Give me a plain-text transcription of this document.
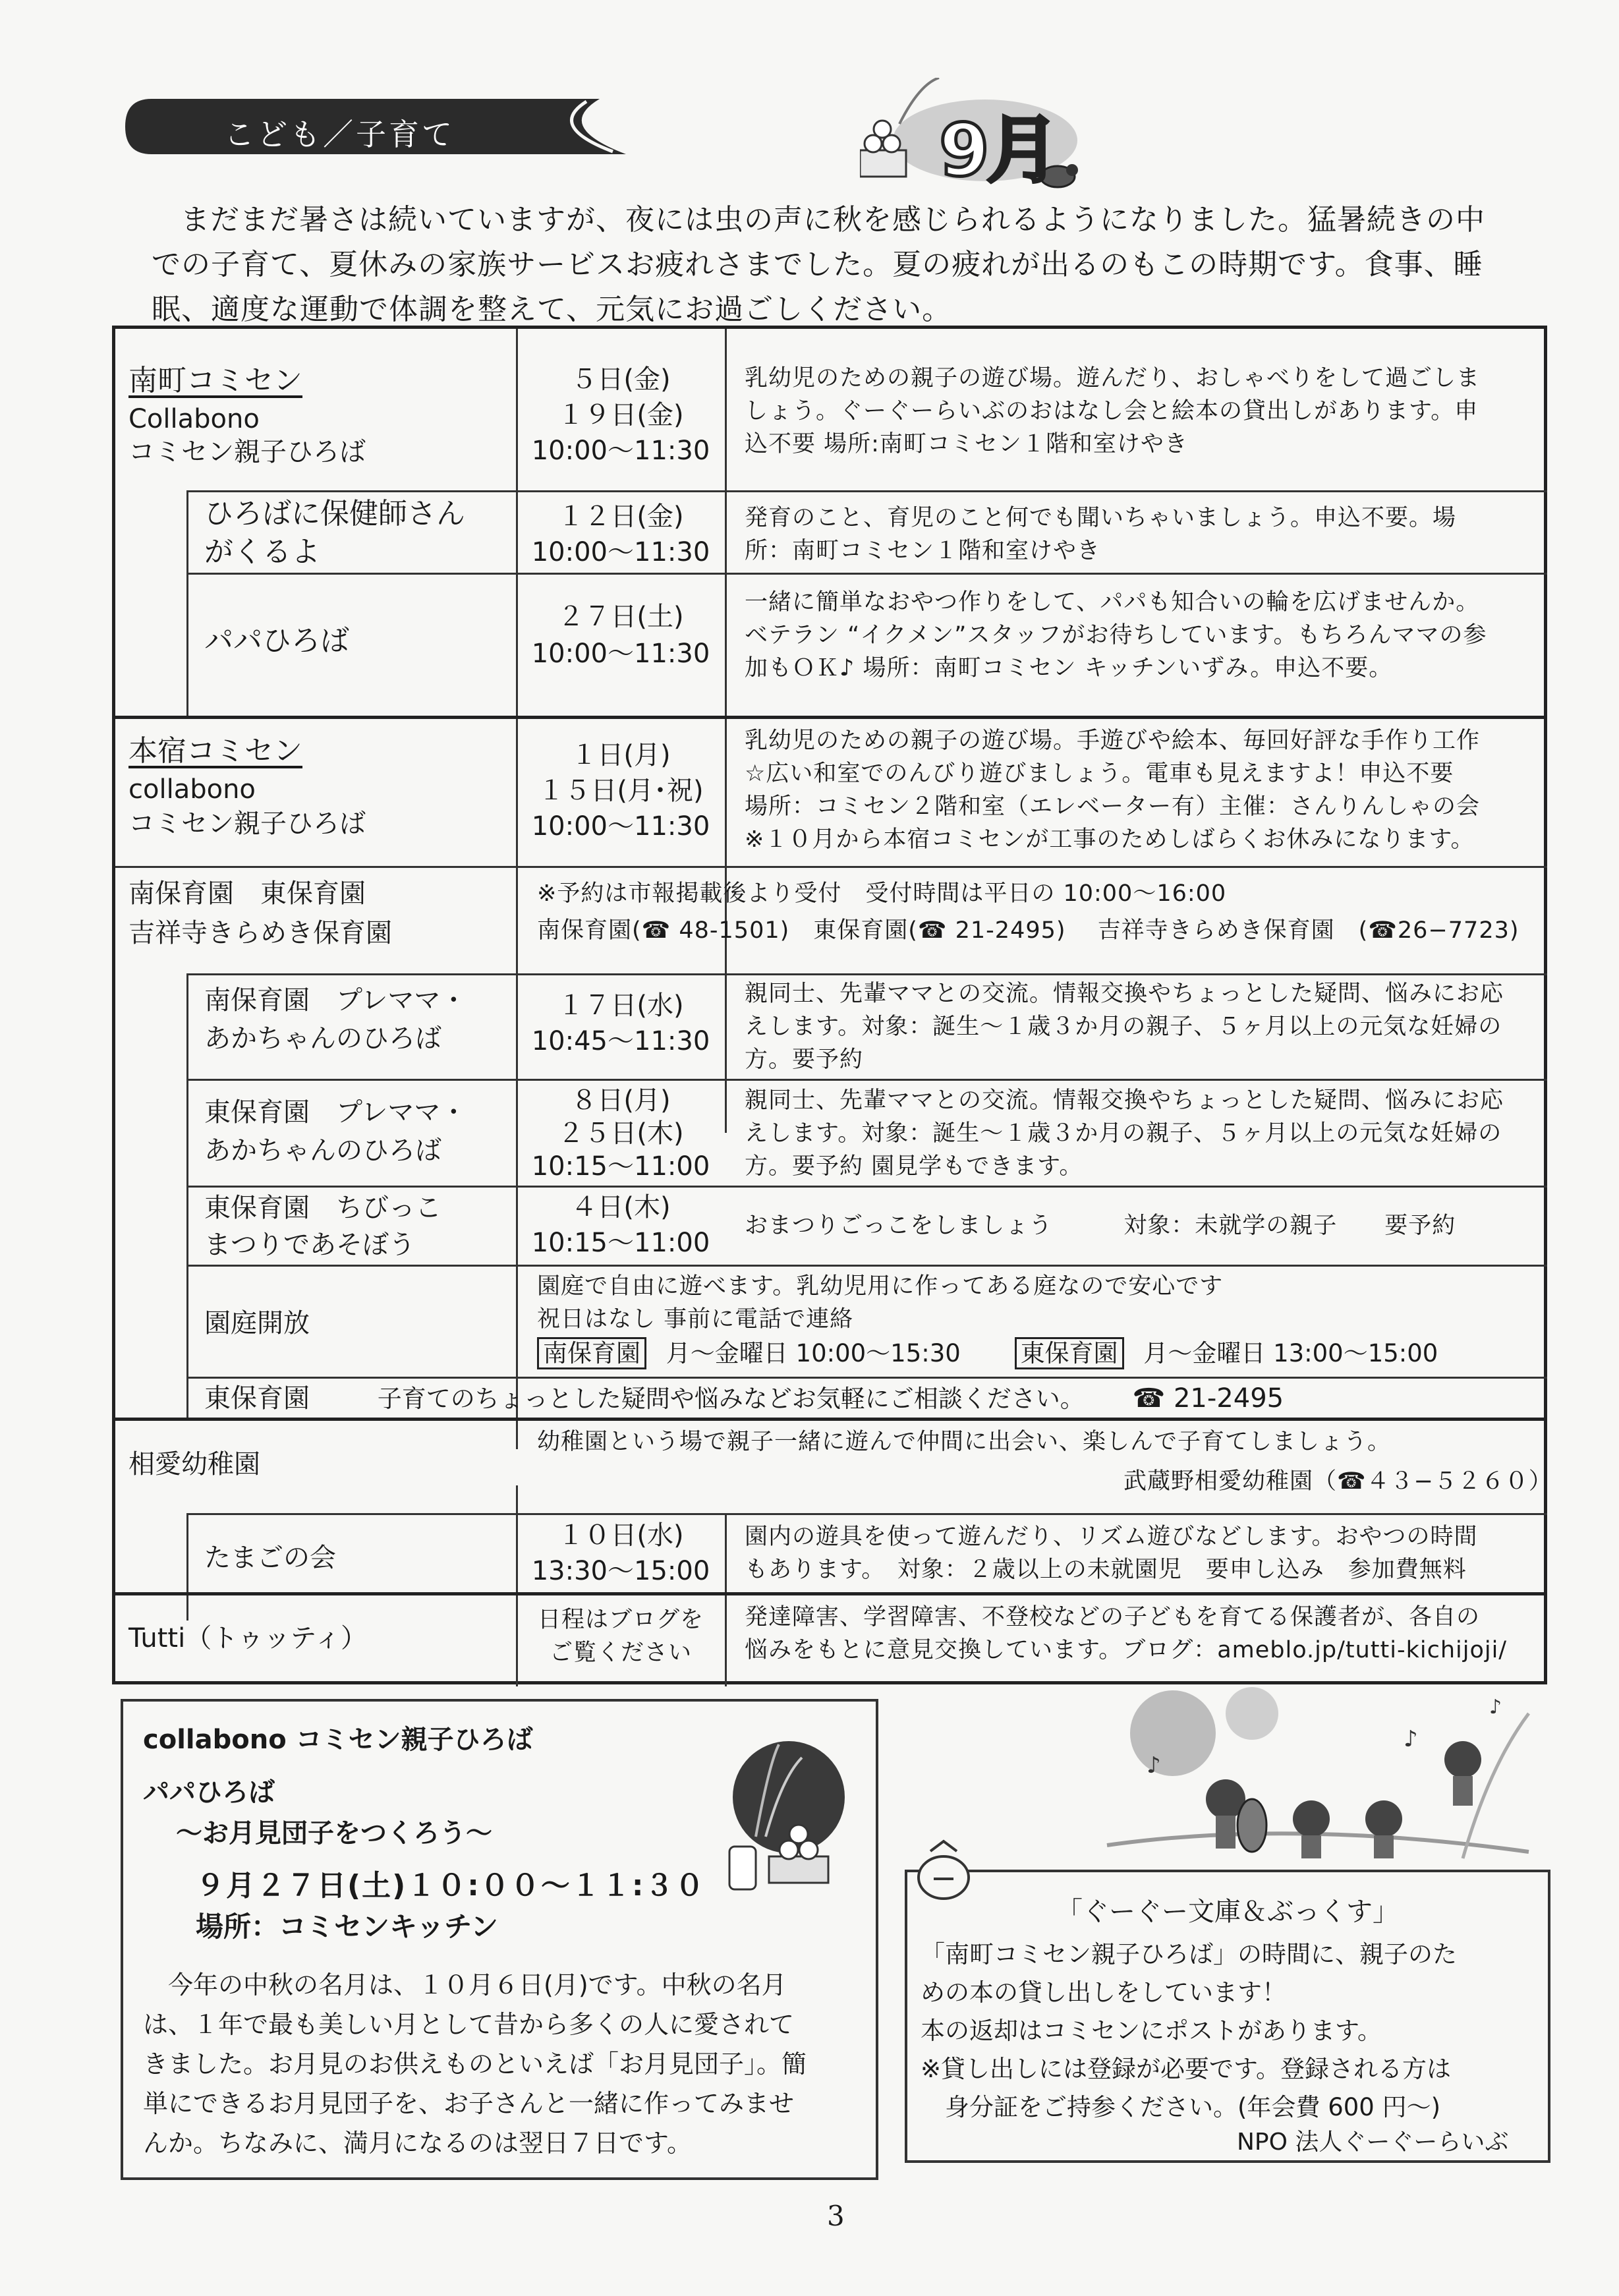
こども／子育て	9月

まだまだ暑さは続いていますが、夜には虫の声に秋を感じられるようになりました。猛暑続きの中

での子育て、夏休みの家族サービスお疲れさまでした。夏の疲れが出るのもこの時期です。食事、睡

眠、適度な運動で体調を整えて、元気にお過ごしください。

南町コミセン
Collabono
コミセン親子ひろば
５日(金)
１９日(金)
10:00～11:30
乳幼児のための親子の遊び場。遊んだり、おしゃべりをして過ごしま
しょう。ぐーぐーらいぶのおはなし会と絵本の貸出しがあります。申
込不要 場所:南町コミセン１階和室けやき
ひろばに保健師さん
がくるよ
１２日(金)
10:00～11:30
発育のこと、育児のこと何でも聞いちゃいましょう。申込不要。場
所：南町コミセン１階和室けやき
パパひろば
２７日(土)
10:00～11:30
一緒に簡単なおやつ作りをして、パパも知合いの輪を広げませんか。
ベテラン “イクメン”スタッフがお待ちしています。もちろんママの参
加もＯＫ♪ 場所：南町コミセン キッチンいずみ。申込不要。
本宿コミセン
collabono
コミセン親子ひろば
１日(月)
１５日(月･祝)
10:00～11:30
乳幼児のための親子の遊び場。手遊びや絵本、毎回好評な手作り工作
☆広い和室でのんびり遊びましょう。電車も見えますよ！申込不要
場所：コミセン２階和室（エレベーター有）主催：さんりんしゃの会
※１０月から本宿コミセンが工事のためしばらくお休みになります。
南保育園　東保育園
吉祥寺きらめき保育園
※予約は市報掲載後より受付　受付時間は平日の 10:00～16:00
南保育園(☎ 48-1501)　東保育園(☎ 21-2495)　 吉祥寺きらめき保育園　(☎26−7723)
南保育園　プレママ・
あかちゃんのひろば
１７日(水)
10:45～11:30
親同士、先輩ママとの交流。情報交換やちょっとした疑問、悩みにお応
えします。対象：誕生～１歳３か月の親子、５ヶ月以上の元気な妊婦の
方。要予約
東保育園　プレママ・
あかちゃんのひろば
８日(月)
２５日(木)
10:15～11:00
親同士、先輩ママとの交流。情報交換やちょっとした疑問、悩みにお応
えします。対象：誕生～１歳３か月の親子、５ヶ月以上の元気な妊婦の
方。要予約 園見学もできます。
東保育園　ちびっこ
まつりであそぼう
４日(木)
10:15～11:00
おまつりごっこをしましょう　　　対象：未就学の親子　　要予約
園庭開放
園庭で自由に遊べます。乳幼児用に作ってある庭なので安心です
祝日はなし 事前に電話で連絡
南保育園 月～金曜日 10:00～15:30 東保育園 月～金曜日 13:00～15:00
東保育園	子育てのちょっとした疑問や悩みなどお気軽にご相談ください。 ☎ 21-2495
相愛幼稚園
幼稚園という場で親子一緒に遊んで仲間に出会い、楽しんで子育てしましょう。
武蔵野相愛幼稚園（☎４３−５２６０）
たまごの会
１０日(水)
13:30～15:00
園内の遊具を使って遊んだり、リズム遊びなどします。おやつの時間
もあります。　対象：２歳以上の未就園児　要申し込み　参加費無料
Tutti（トゥッティ）
日程はブログを
ご覧ください
発達障害、学習障害、不登校などの子どもを育てる保護者が、各自の
悩みをもとに意見交換しています。ブログ：ameblo.jp/tutti-kichijoji/
collabono コミセン親子ひろば
パパひろば
～お月見団子をつくろう～
９月２７日(土)１０:００～１１:３０
場所：コミセンキッチン
　今年の中秋の名月は、１０月６日(月)です。中秋の名月
は、１年で最も美しい月として昔から多くの人に愛されて
きました。お月見のお供えものといえば「お月見団子」。簡
単にできるお月見団子を、お子さんと一緒に作ってみませ
んか。ちなみに、満月になるのは翌日７日です。
♪
♪
♪
「ぐーぐー文庫＆ぶっくす」
「南町コミセン親子ひろば」の時間に、親子のた
めの本の貸し出しをしています！
本の返却はコミセンにポストがあります。
※貸し出しには登録が必要です。登録される方は
　身分証をご持参ください。(年会費 600 円～)
NPO 法人ぐーぐーらいぶ
3
